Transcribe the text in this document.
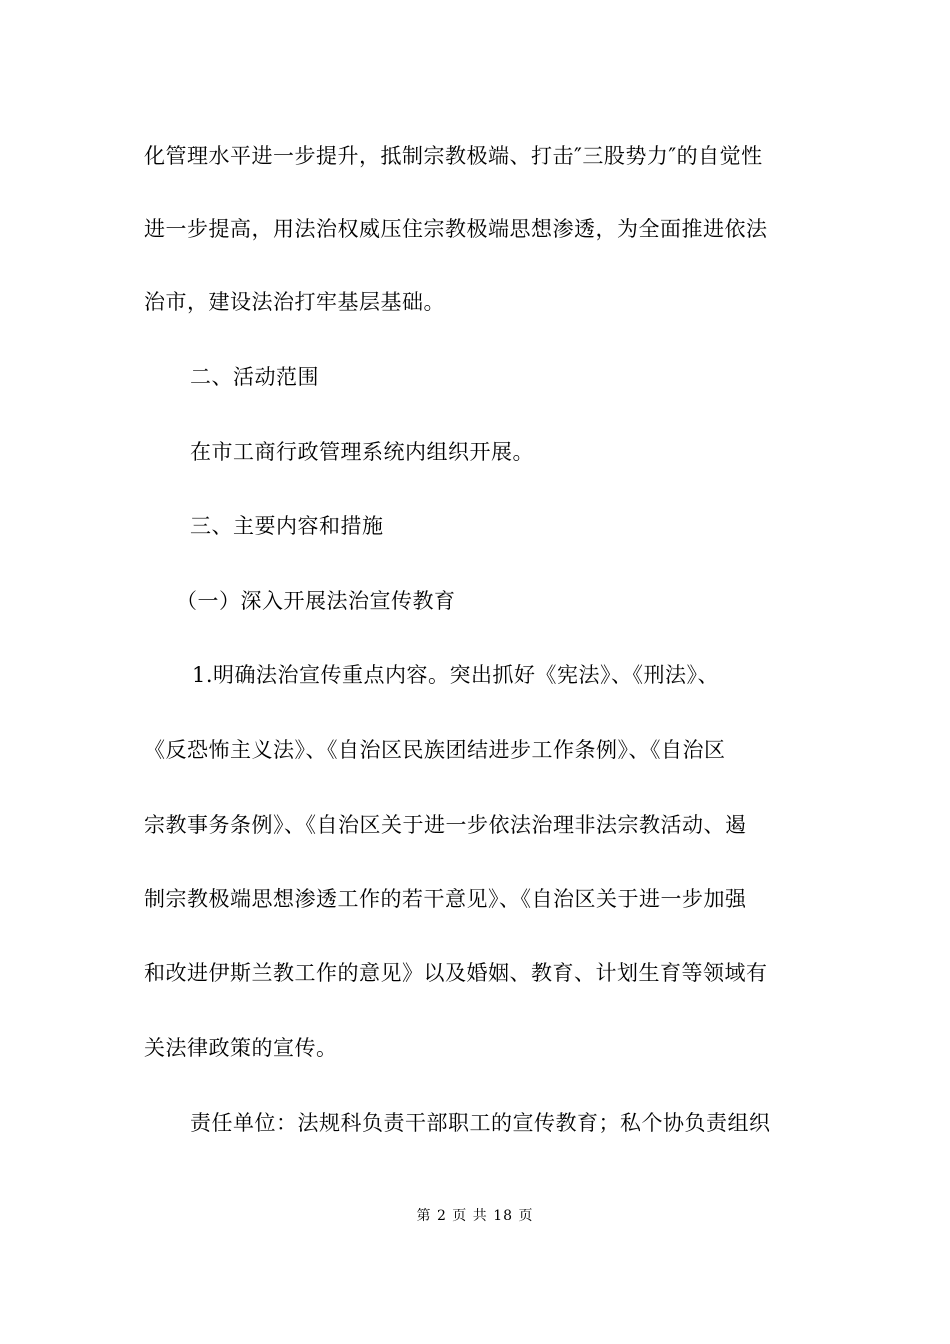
化管理水平进一步提升，抵制宗教极端、打击″三股势力″的自觉性
进一步提高，用法治权威压住宗教极端思想渗透，为全面推进依法
治市，建设法治打牢基层基础。
二、活动范围
在市工商行政管理系统内组织开展。
三、主要内容和措施
（一）深入开展法治宣传教育
1.明确法治宣传重点内容。突出抓好《宪法》、《刑法》、
《反恐怖主义法》、《自治区民族团结进步工作条例》、《自治区
宗教事务条例》、《自治区关于进一步依法治理非法宗教活动、遏
制宗教极端思想渗透工作的若干意见》、《自治区关于进一步加强
和改进伊斯兰教工作的意见》以及婚姻、教育、计划生育等领域有
关法律政策的宣传。
责任单位：法规科负责干部职工的宣传教育；私个协负责组织
第 2 页 共 18 页
